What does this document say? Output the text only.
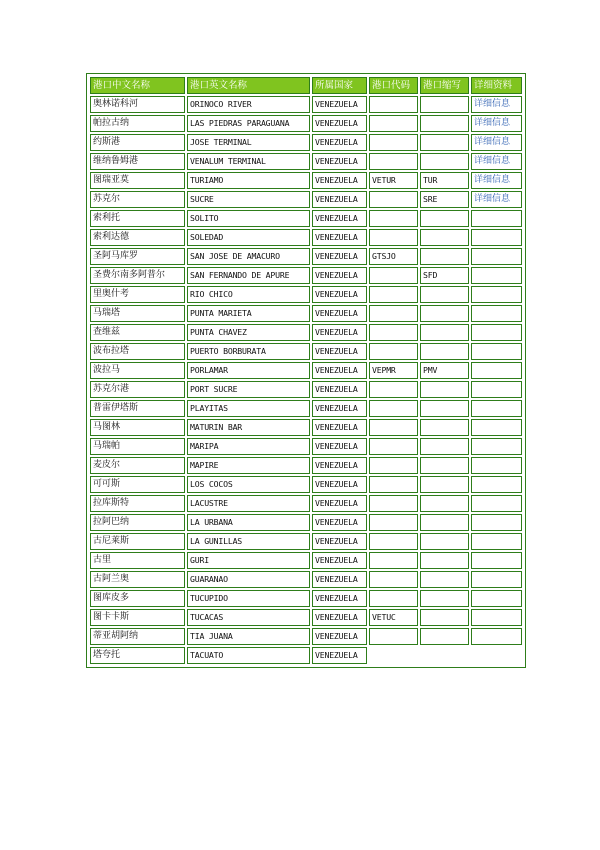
港口中文名称	港口英文名称	所属国家	港口代码	港口缩写	详细资料
奥林诺科河	ORINOCO RIVER	VENEZUELA			详细信息
帕拉古纳	LAS PIEDRAS PARAGUANA	VENEZUELA			详细信息
约斯港	JOSE TERMINAL	VENEZUELA			详细信息
维纳鲁姆港	VENALUM TERMINAL	VENEZUELA			详细信息
图瑞亚莫	TURIAMO	VENEZUELA	VETUR	TUR	详细信息
苏克尔	SUCRE	VENEZUELA		SRE	详细信息
索利托	SOLITO	VENEZUELA			
索利达德	SOLEDAD	VENEZUELA			
圣阿马库罗	SAN JOSE DE AMACURO	VENEZUELA	GTSJO		
圣费尔南多阿普尔	SAN FERNANDO DE APURE	VENEZUELA		SFD	
里奥什考	RIO CHICO	VENEZUELA			
马瑞塔	PUNTA MARIETA	VENEZUELA			
查维兹	PUNTA CHAVEZ	VENEZUELA			
波布拉塔	PUERTO BORBURATA	VENEZUELA			
波拉马	PORLAMAR	VENEZUELA	VEPMR	PMV	
苏克尔港	PORT SUCRE	VENEZUELA			
普雷伊塔斯	PLAYITAS	VENEZUELA			
马图林	MATURIN BAR	VENEZUELA			
马瑞帕	MARIPA	VENEZUELA			
麦皮尔	MAPIRE	VENEZUELA			
可可斯	LOS COCOS	VENEZUELA			
拉库斯特	LACUSTRE	VENEZUELA			
拉阿巴纳	LA URBANA	VENEZUELA			
古尼莱斯	LA GUNILLAS	VENEZUELA			
古里	GURI	VENEZUELA			
古阿兰奥	GUARANAO	VENEZUELA			
图库皮多	TUCUPIDO	VENEZUELA			
图卡卡斯	TUCACAS	VENEZUELA	VETUC		
蒂亚胡阿纳	TIA JUANA	VENEZUELA			
塔夸托	TACUATO	VENEZUELA			
